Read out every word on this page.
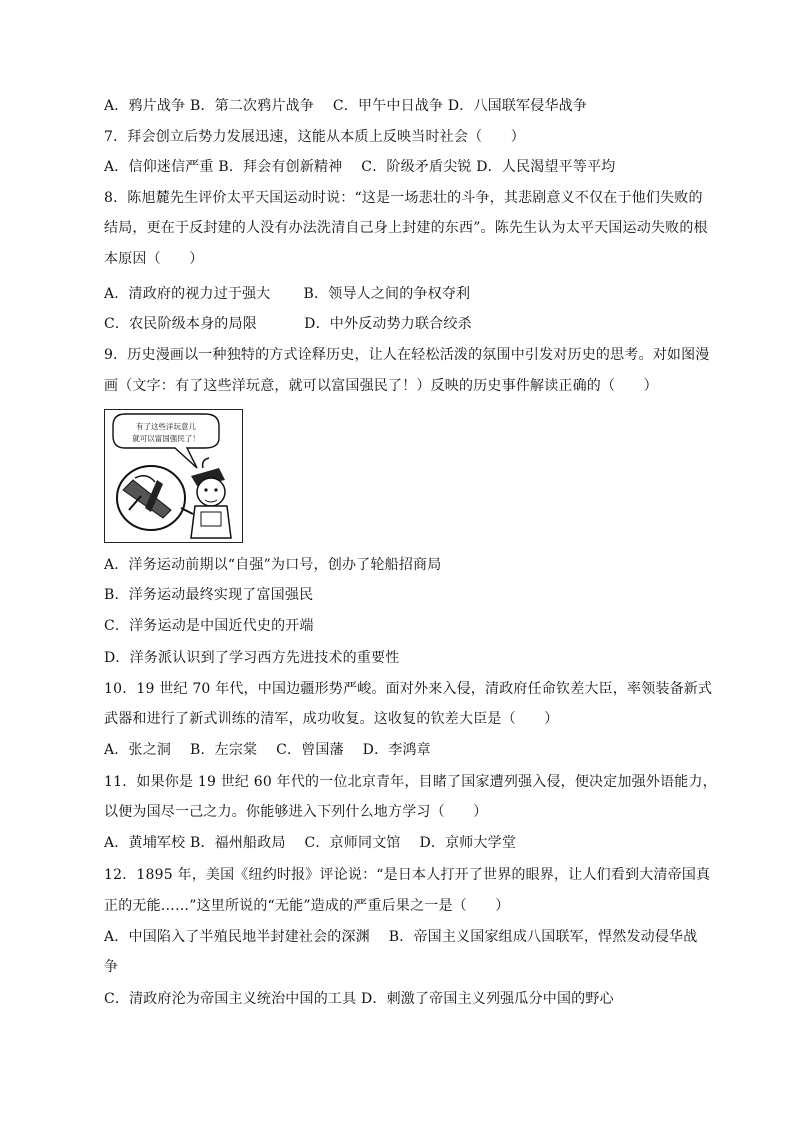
A．鸦片战争 B．第二次鸦片战争　 C．甲午中日战争 D．八国联军侵华战争
7．拜会创立后势力发展迅速，这能从本质上反映当时社会（　　）
A．信仰迷信严重 B．拜会有创新精神　 C．阶级矛盾尖锐 D．人民渴望平等平均
8．陈旭麓先生评价太平天国运动时说：“这是一场悲壮的斗争，其悲剧意义不仅在于他们失败的
结局，更在于反封建的人没有办法洗清自己身上封建的东西”。陈先生认为太平天国运动失败的根
本原因（　　）
A．清政府的视力过于强大　　 B．领导人之间的争权夺利
C．农民阶级本身的局限　　　 D．中外反动势力联合绞杀
9．历史漫画以一种独特的方式诠释历史，让人在轻松活泼的氛围中引发对历史的思考。对如图漫
画（文字：有了这些洋玩意，就可以富国强民了！）反映的历史事件解读正确的（　　）
有了这些洋玩意儿
就可以富国强民了！
A．洋务运动前期以“自强”为口号，创办了轮船招商局
B．洋务运动最终实现了富国强民
C．洋务运动是中国近代史的开端
D．洋务派认识到了学习西方先进技术的重要性
10．19 世纪 70 年代，中国边疆形势严峻。面对外来入侵，清政府任命钦差大臣，率领装备新式
武器和进行了新式训练的清军，成功收复。这收复的钦差大臣是（　　）
A．张之洞　 B．左宗棠　 C．曾国藩　 D．李鸿章
11．如果你是 19 世纪 60 年代的一位北京青年，目睹了国家遭列强入侵，便决定加强外语能力，
以便为国尽一己之力。你能够进入下列什么地方学习（　　）
A．黄埔军校 B．福州船政局　 C．京师同文馆　 D．京师大学堂
12．1895 年，美国《纽约时报》评论说：“是日本人打开了世界的眼界，让人们看到大清帝国真
正的无能……”这里所说的“无能”造成的严重后果之一是（　　）
A．中国陷入了半殖民地半封建社会的深渊　 B．帝国主义国家组成八国联军，悍然发动侵华战
争
C．清政府沦为帝国主义统治中国的工具 D．刺激了帝国主义列强瓜分中国的野心
